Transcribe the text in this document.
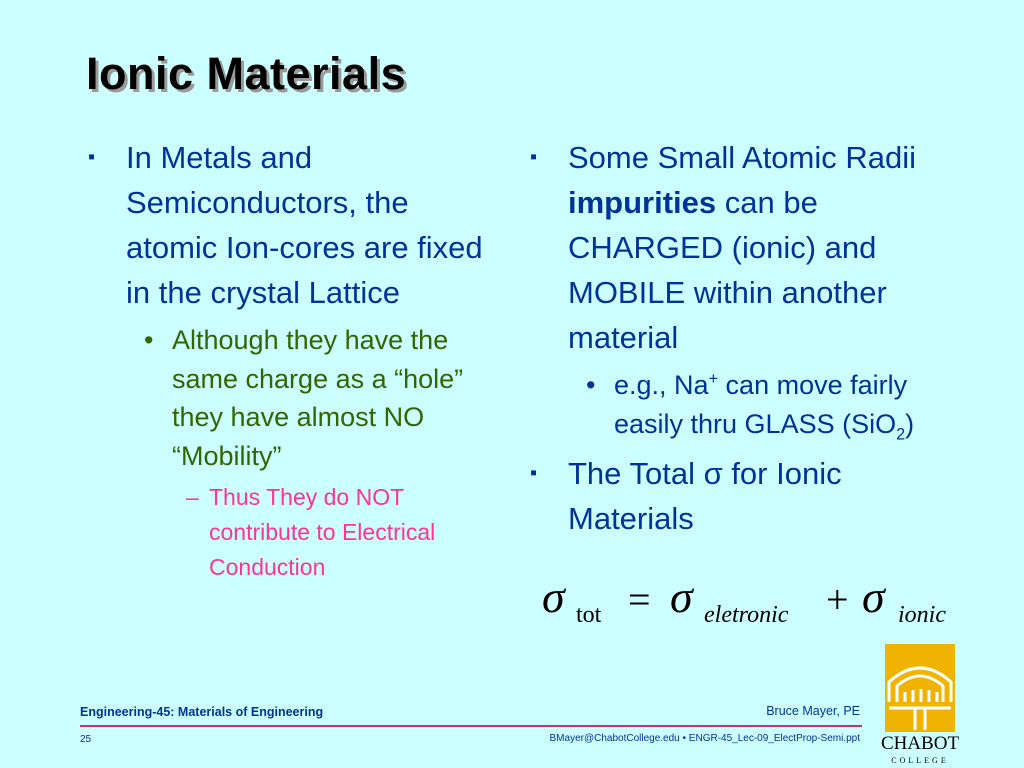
Ionic Materials
▪ In Metals and Semiconductors, the atomic Ion-cores are fixed in the crystal Lattice
• Although they have the same charge as a “hole” they have almost NO “Mobility”
– Thus They do NOT contribute to Electrical Conduction
▪ Some Small Atomic Radii impurities can be CHARGED (ionic) and MOBILE within another material
• e.g., Na+ can move fairly easily thru GLASS (SiO$_2$)
▪ The Total σ for Ionic Materials
σ tot = σ eletronic + σ ionic
Engineering-45: Materials of Engineering	Bruce Mayer, PE
25	BMayer@ChabotCollege.edu • ENGR-45_Lec-09_ElectProp-Semi.ppt CHABOT
COLLEGE
